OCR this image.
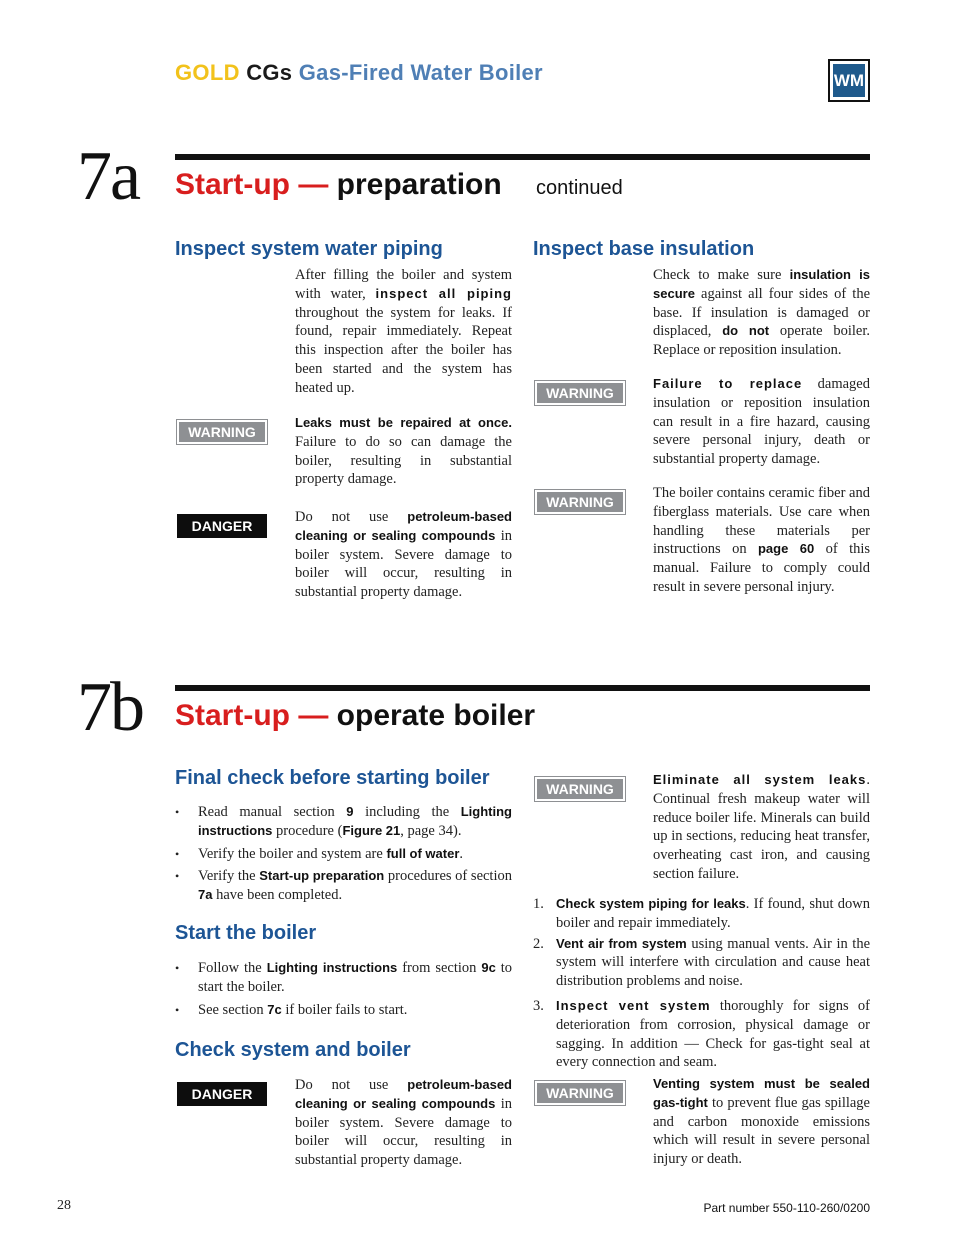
GOLD CGs Gas-Fired Water Boiler	WM
7a Start-up — preparation continued
Inspect system water piping
After filling the boiler and system with water, inspect all piping throughout the system for leaks. If found, repair immediately. Repeat this inspection after the boiler has been started and the system has heated up.
WARNING
Leaks must be repaired at once. Failure to do so can damage the boiler, resulting in substantial property damage.
DANGER
Do not use petroleum-based cleaning or sealing compounds in boiler system. Severe damage to boiler will occur, resulting in substantial property damage.
Inspect base insulation
Check to make sure insulation is secure against all four sides of the base. If insulation is damaged or displaced, do not operate boiler. Replace or reposition insulation.
WARNING
Failure to replace damaged insulation or reposition insulation can result in a fire hazard, causing severe personal injury, death or substantial property damage.
WARNING
The boiler contains ceramic fiber and fiberglass materials. Use care when handling these materials per instructions on page 60 of this manual. Failure to comply could result in severe personal injury.
7b Start-up — operate boiler
Final check before starting boiler
• Read manual section 9 including the Lighting instructions procedure (Figure 21, page 34).
• Verify the boiler and system are full of water.
• Verify the Start-up preparation procedures of section 7a have been completed.
Start the boiler
• Follow the Lighting instructions from section 9c to start the boiler.
• See section 7c if boiler fails to start.
Check system and boiler
DANGER
Do not use petroleum-based cleaning or sealing compounds in boiler system. Severe damage to boiler will occur, resulting in substantial property damage.
WARNING
Eliminate all system leaks. Continual fresh makeup water will reduce boiler life. Minerals can build up in sections, reducing heat transfer, overheating cast iron, and causing section failure.
1. Check system piping for leaks. If found, shut down boiler and repair immediately.
2. Vent air from system using manual vents. Air in the system will interfere with circulation and cause heat distribution problems and noise.
3. Inspect vent system thoroughly for signs of deterioration from corrosion, physical damage or sagging. In addition — Check for gas-tight seal at every connection and seam.
WARNING
Venting system must be sealed gas-tight to prevent flue gas spillage and carbon monoxide emissions which will result in severe personal injury or death.
28	Part number 550-110-260/0200
